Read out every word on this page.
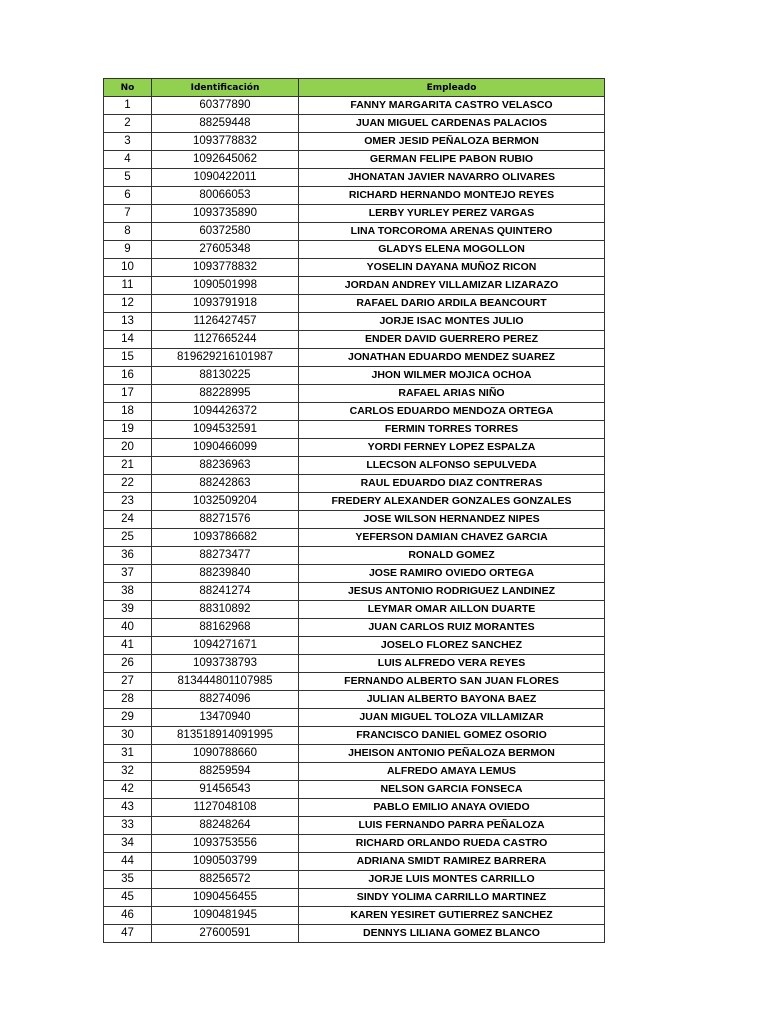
No	Identificación	Empleado
1	60377890	FANNY MARGARITA CASTRO VELASCO
2	88259448	JUAN MIGUEL CARDENAS PALACIOS
3	1093778832	OMER JESID PEÑALOZA BERMON
4	1092645062	GERMAN FELIPE PABON RUBIO
5	1090422011	JHONATAN JAVIER NAVARRO OLIVARES
6	80066053	RICHARD HERNANDO MONTEJO REYES
7	1093735890	LERBY YURLEY PEREZ VARGAS
8	60372580	LINA TORCOROMA ARENAS QUINTERO
9	27605348	GLADYS ELENA MOGOLLON
10	1093778832	YOSELIN DAYANA MUÑOZ RICON
11	1090501998	JORDAN ANDREY VILLAMIZAR LIZARAZO
12	1093791918	RAFAEL DARIO ARDILA BEANCOURT
13	1126427457	JORJE ISAC MONTES JULIO
14	1127665244	ENDER DAVID GUERRERO PEREZ
15	819629216101987	JONATHAN EDUARDO MENDEZ SUAREZ
16	88130225	JHON WILMER MOJICA OCHOA
17	88228995	RAFAEL ARIAS NIÑO
18	1094426372	CARLOS EDUARDO MENDOZA ORTEGA
19	1094532591	FERMIN TORRES TORRES
20	1090466099	YORDI FERNEY LOPEZ ESPALZA
21	88236963	LLECSON ALFONSO SEPULVEDA
22	88242863	RAUL EDUARDO DIAZ CONTRERAS
23	1032509204	FREDERY ALEXANDER GONZALES GONZALES
24	88271576	JOSE WILSON HERNANDEZ NIPES
25	1093786682	YEFERSON DAMIAN CHAVEZ GARCIA
36	88273477	RONALD GOMEZ
37	88239840	JOSE RAMIRO OVIEDO ORTEGA
38	88241274	JESUS ANTONIO RODRIGUEZ LANDINEZ
39	88310892	LEYMAR OMAR AILLON DUARTE
40	88162968	JUAN CARLOS RUIZ MORANTES
41	1094271671	JOSELO FLOREZ SANCHEZ
26	1093738793	LUIS ALFREDO VERA REYES
27	813444801107985	FERNANDO ALBERTO SAN JUAN FLORES
28	88274096	JULIAN ALBERTO BAYONA BAEZ
29	13470940	JUAN MIGUEL TOLOZA VILLAMIZAR
30	813518914091995	FRANCISCO DANIEL GOMEZ OSORIO
31	1090788660	JHEISON ANTONIO PEÑALOZA BERMON
32	88259594	ALFREDO AMAYA LEMUS
42	91456543	NELSON GARCIA FONSECA
43	1127048108	PABLO EMILIO ANAYA OVIEDO
33	88248264	LUIS FERNANDO PARRA PEÑALOZA
34	1093753556	RICHARD ORLANDO RUEDA CASTRO
44	1090503799	ADRIANA SMIDT RAMIREZ BARRERA
35	88256572	JORJE LUIS MONTES CARRILLO
45	1090456455	SINDY YOLIMA CARRILLO MARTINEZ
46	1090481945	KAREN YESIRET GUTIERREZ SANCHEZ
47	27600591	DENNYS LILIANA GOMEZ BLANCO
